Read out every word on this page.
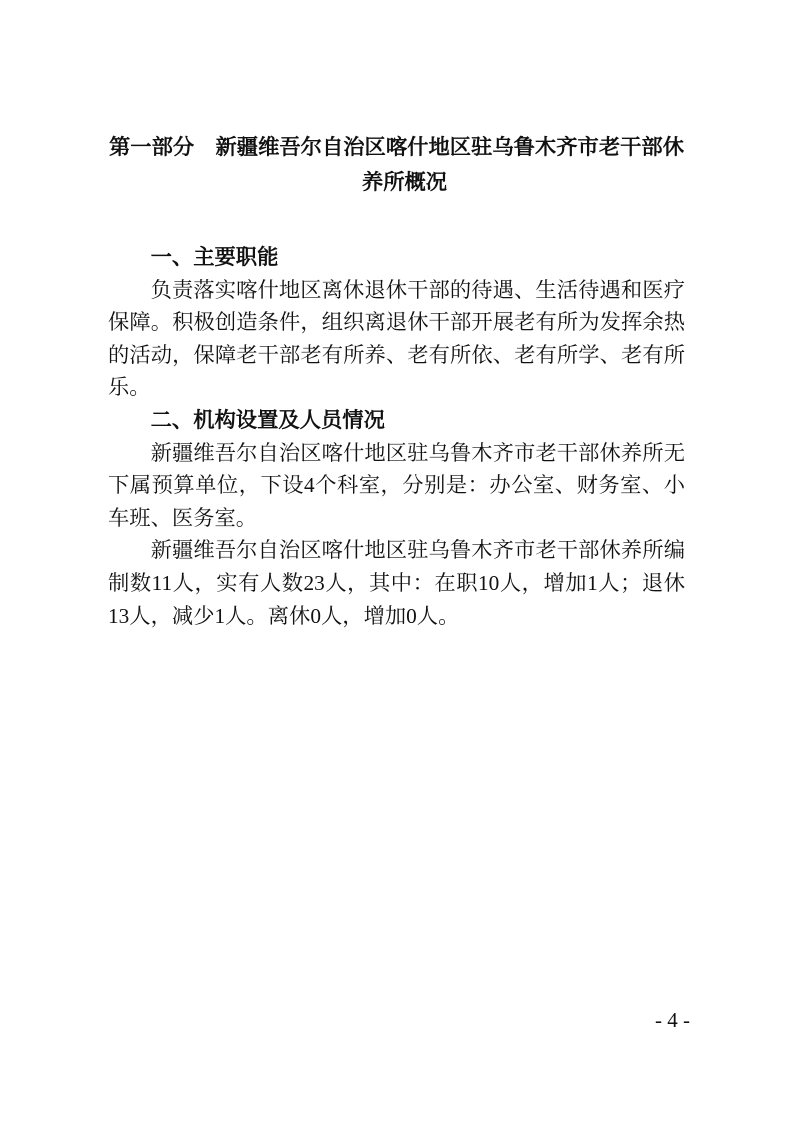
第一部分　新疆维吾尔自治区喀什地区驻乌鲁木齐市老干部休
养所概况

一、主要职能

负责落实喀什地区离休退休干部的待遇、生活待遇和医疗保障。积极创造条件，组织离退休干部开展老有所为发挥余热的活动，保障老干部老有所养、老有所依、老有所学、老有所乐。

二、机构设置及人员情况

新疆维吾尔自治区喀什地区驻乌鲁木齐市老干部休养所无下属预算单位，下设4个科室，分别是：办公室、财务室、小车班、医务室。

新疆维吾尔自治区喀什地区驻乌鲁木齐市老干部休养所编制数11人，实有人数23人，其中：在职10人，增加1人；退休13人，减少1人。离休0人，增加0人。

- 4 -
